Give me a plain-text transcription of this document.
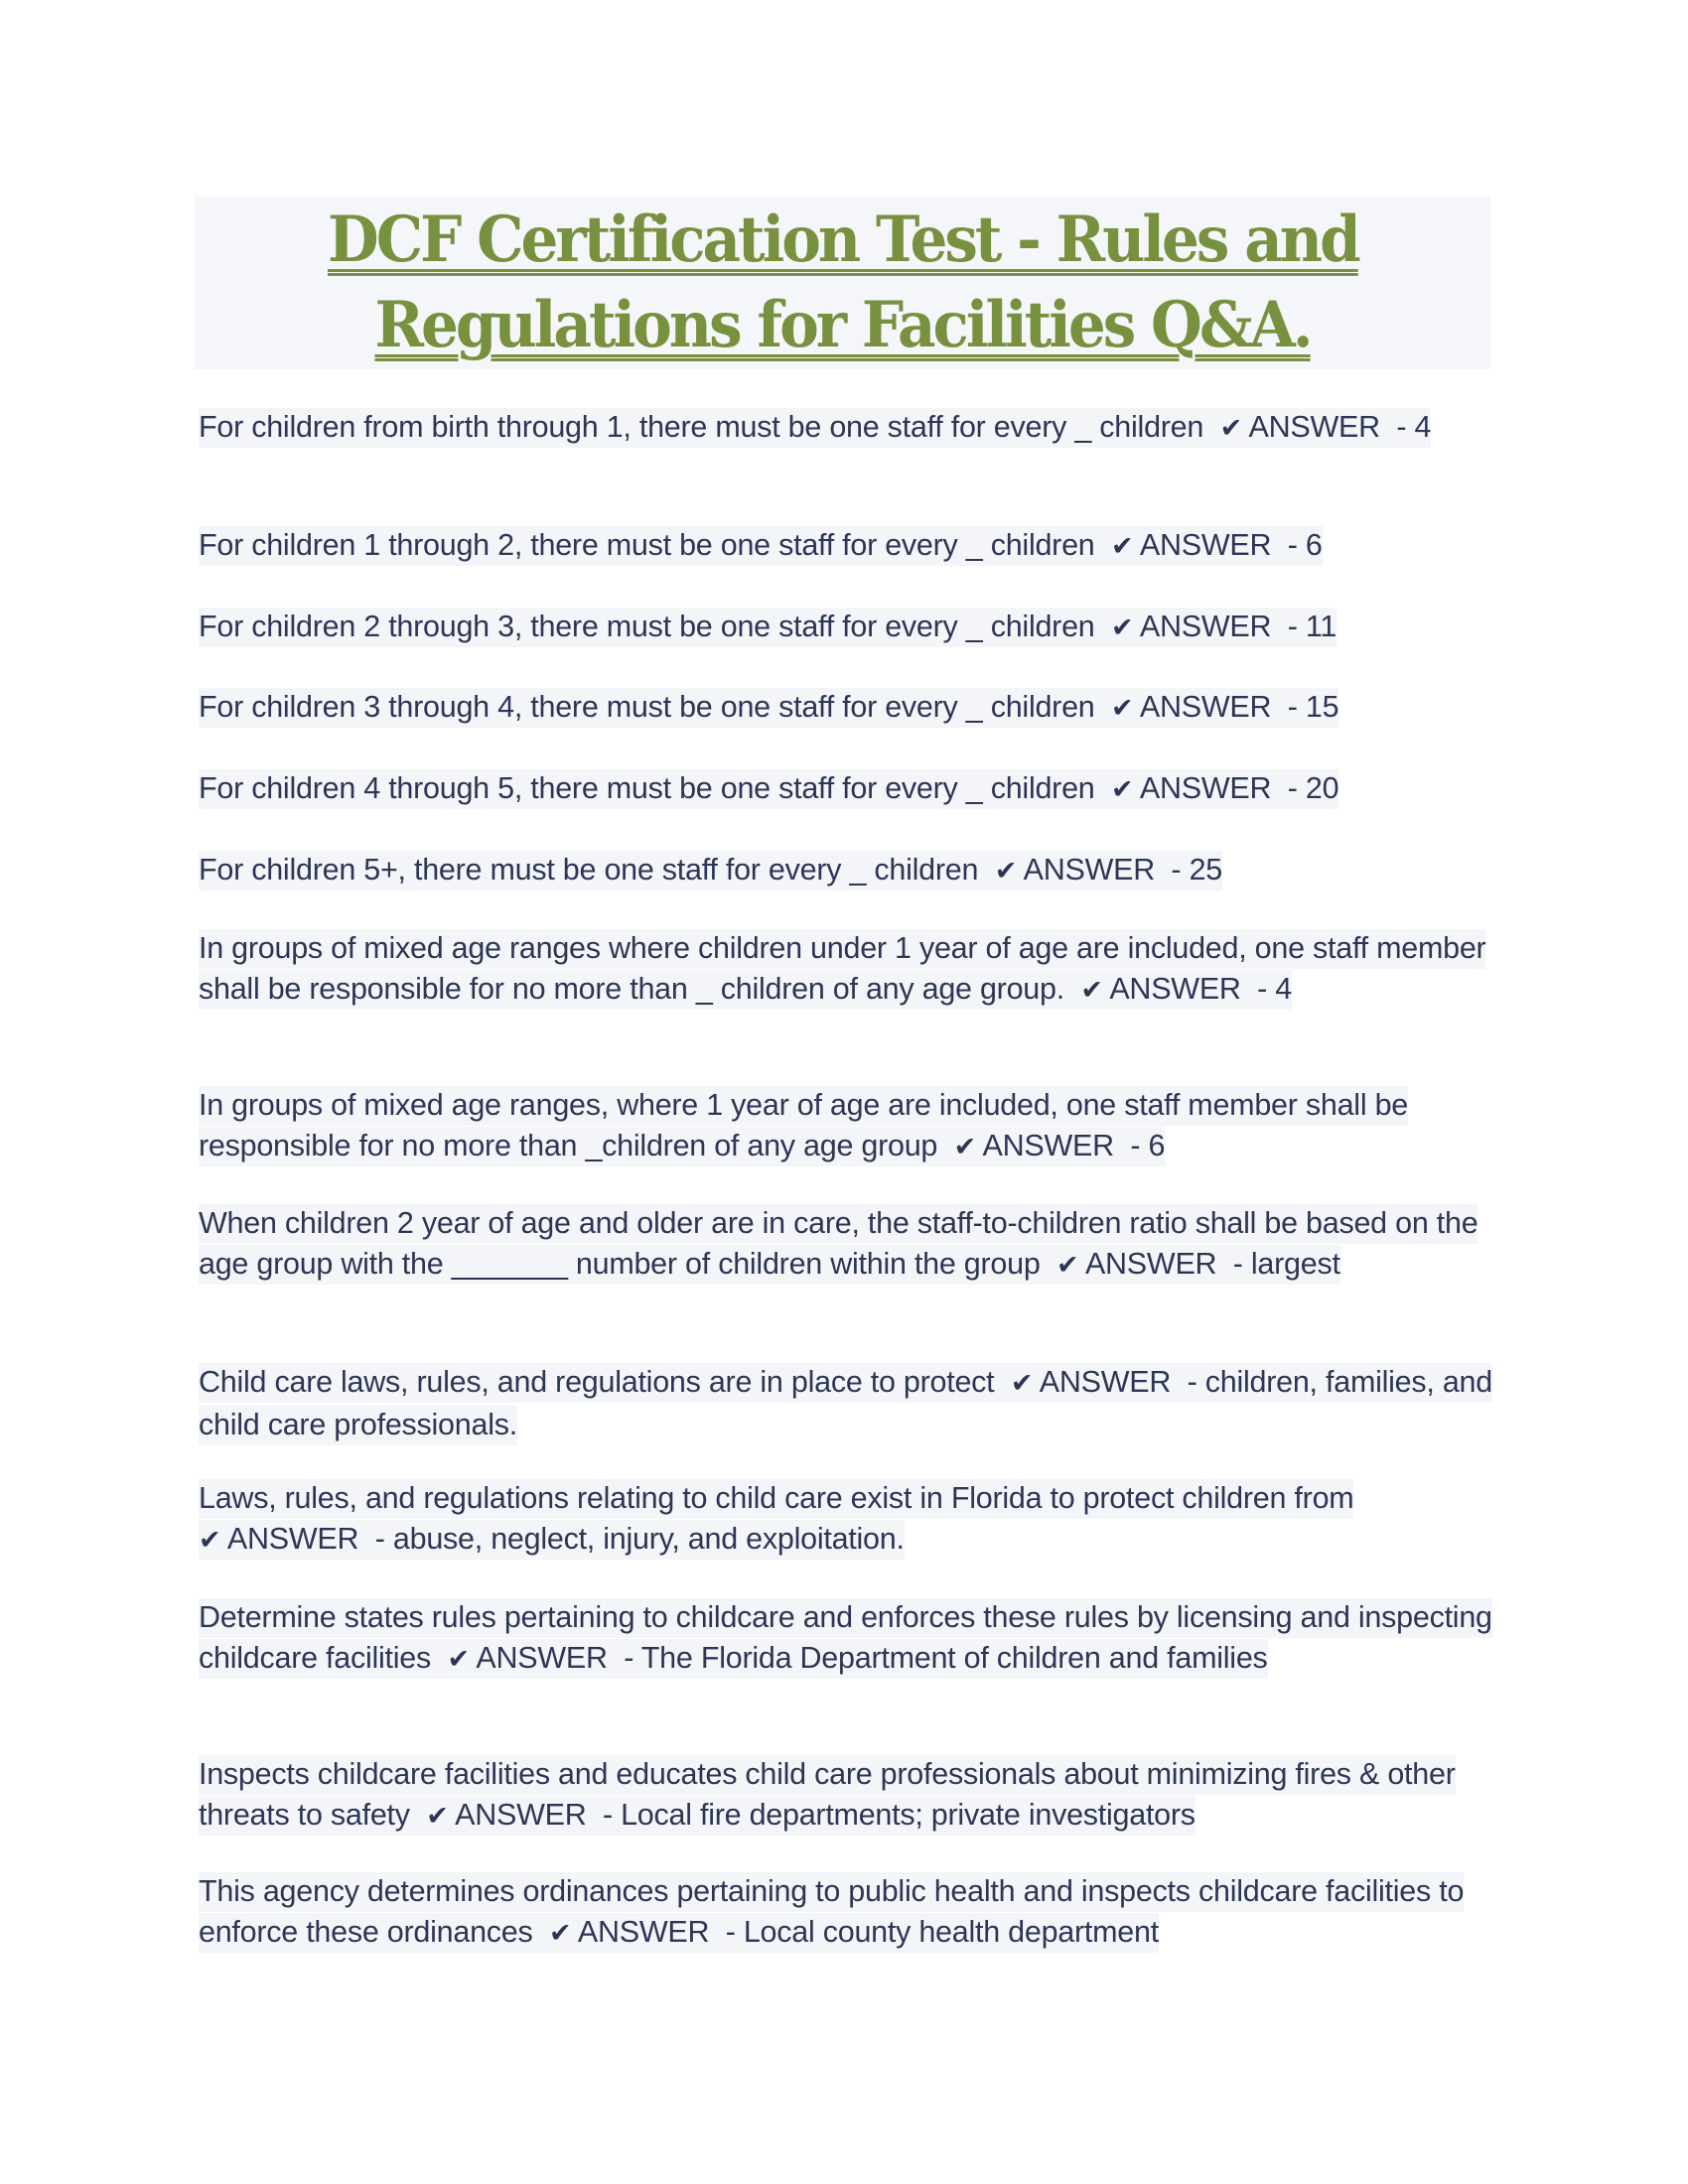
DCF Certification Test - Rules and
Regulations for Facilities Q&A.
For children from birth through 1, there must be one staff for every _ children ✔ ANSWER  - 4
For children 1 through 2, there must be one staff for every _ children ✔ ANSWER  - 6
For children 2 through 3, there must be one staff for every _ children ✔ ANSWER  - 11
For children 3 through 4, there must be one staff for every _ children ✔ ANSWER  - 15
For children 4 through 5, there must be one staff for every _ children ✔ ANSWER  - 20
For children 5+, there must be one staff for every _ children ✔ ANSWER  - 25
In groups of mixed age ranges where children under 1 year of age are included, one staff member shall be responsible for no more than _ children of any age group. ✔ ANSWER  - 4
In groups of mixed age ranges, where 1 year of age are included, one staff member shall be responsible for no more than _children of any age group ✔ ANSWER  - 6
When children 2 year of age and older are in care, the staff-to-children ratio shall be based on the age group with the _______ number of children within the group ✔ ANSWER  - largest
Child care laws, rules, and regulations are in place to protect ✔ ANSWER  - children, families, and child care professionals.
Laws, rules, and regulations relating to child care exist in Florida to protect children from
✔ ANSWER  - abuse, neglect, injury, and exploitation.
Determine states rules pertaining to childcare and enforces these rules by licensing and inspecting childcare facilities ✔ ANSWER  - The Florida Department of children and families
Inspects childcare facilities and educates child care professionals about minimizing fires & other threats to safety ✔ ANSWER  - Local fire departments; private investigators
This agency determines ordinances pertaining to public health and inspects childcare facilities to enforce these ordinances ✔ ANSWER  - Local county health department
